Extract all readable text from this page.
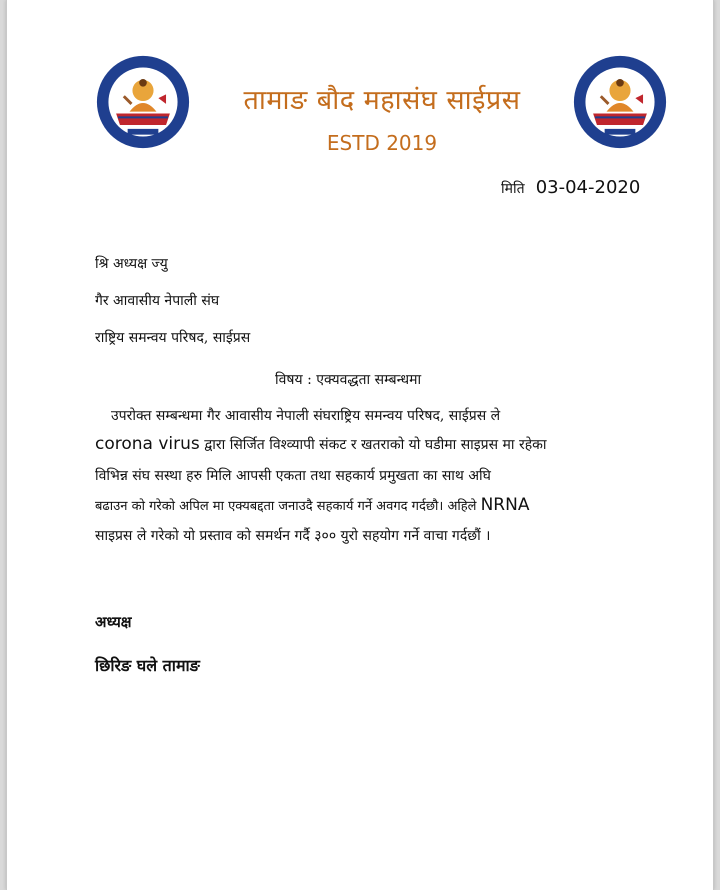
तामाङ बौद महासंघ साईप्रस
ESTD 2019
मिति 03-04-2020
श्रि अध्यक्ष ज्यु
गैर आवासीय नेपाली संघ
राष्ट्रिय समन्वय परिषद, साईप्रस
विषय : एक्यवद्धता सम्बन्धमा
उपरोक्त सम्बन्धमा गैर आवासीय नेपाली संघराष्ट्रिय समन्वय परिषद, साईप्रस ले
corona virus द्वारा सिर्जित विश्व्यापी संकट र खतराको यो घडीमा साइप्रस मा रहेका
विभिन्न संघ सस्था हरु मिलि आपसी एकता तथा सहकार्य प्रमुखता का साथ अघि
बढाउन को गरेको अपिल मा एक्यबद्दता जनाउदै सहकार्य गर्ने अवगद गर्दछौ। अहिले NRNA
साइप्रस ले गरेको यो प्रस्ताव को समर्थन गर्दै ३०० युरो सहयोग गर्ने वाचा गर्दछौं ।
अध्यक्ष
छिरिङ घले तामाङ
